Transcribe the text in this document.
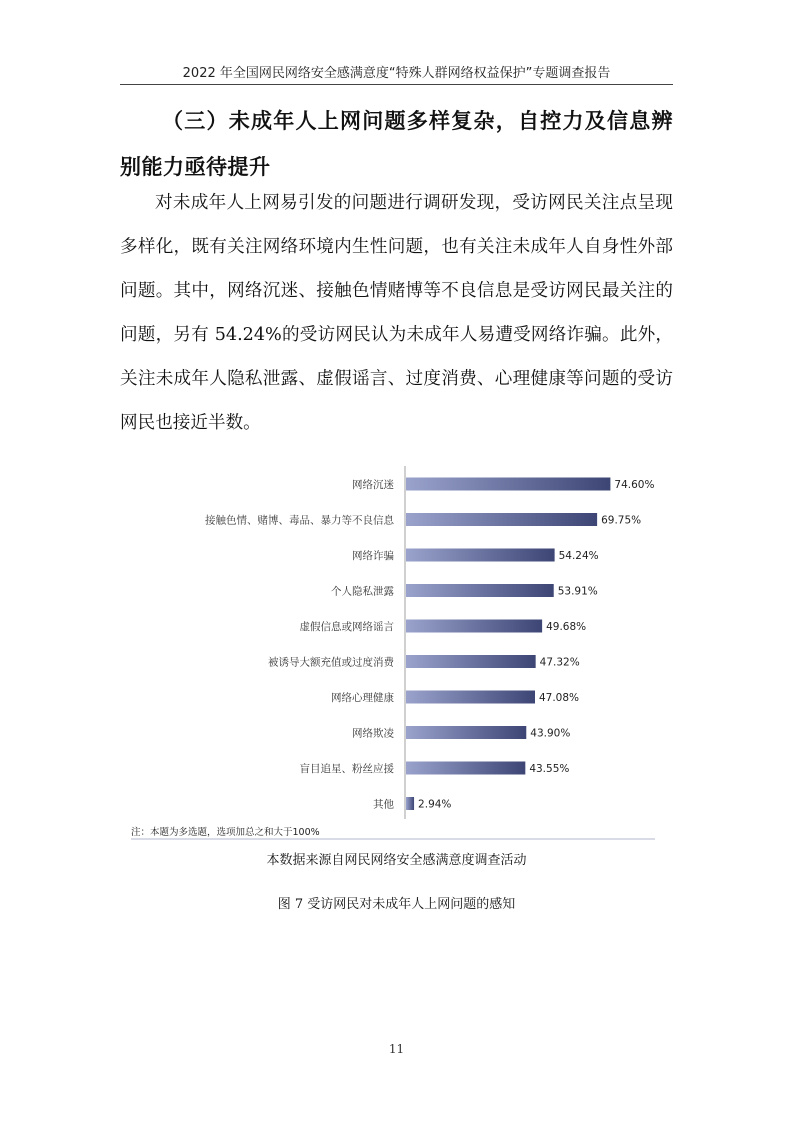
2022 年全国网民网络安全感满意度“特殊人群网络权益保护”专题调查报告
（三）未成年人上网问题多样复杂，自控力及信息辨别能力亟待提升

对未成年人上网易引发的问题进行调研发现，受访网民关注点呈现多样化，既有关注网络环境内生性问题，也有关注未成年人自身性外部问题。其中，网络沉迷、接触色情赌博等不良信息是受访网民最关注的问题，另有 54.24%的受访网民认为未成年人易遭受网络诈骗。此外，关注未成年人隐私泄露、虚假谣言、过度消费、心理健康等问题的受访网民也接近半数。

网络沉迷
接触色情、赌博、毒品、暴力等不良信息
网络诈骗
个人隐私泄露
虚假信息或网络谣言
被诱导大额充值或过度消费
网络心理健康
网络欺凌
盲目追星、粉丝应援
其他
74.60%
69.75%
54.24%
53.91%
49.68%
47.32%
47.08%
43.90%
43.55%
2.94%
注：本题为多选题，选项加总之和大于100%
本数据来源自网民网络安全感满意度调查活动
图 7 受访网民对未成年人上网问题的感知
11
